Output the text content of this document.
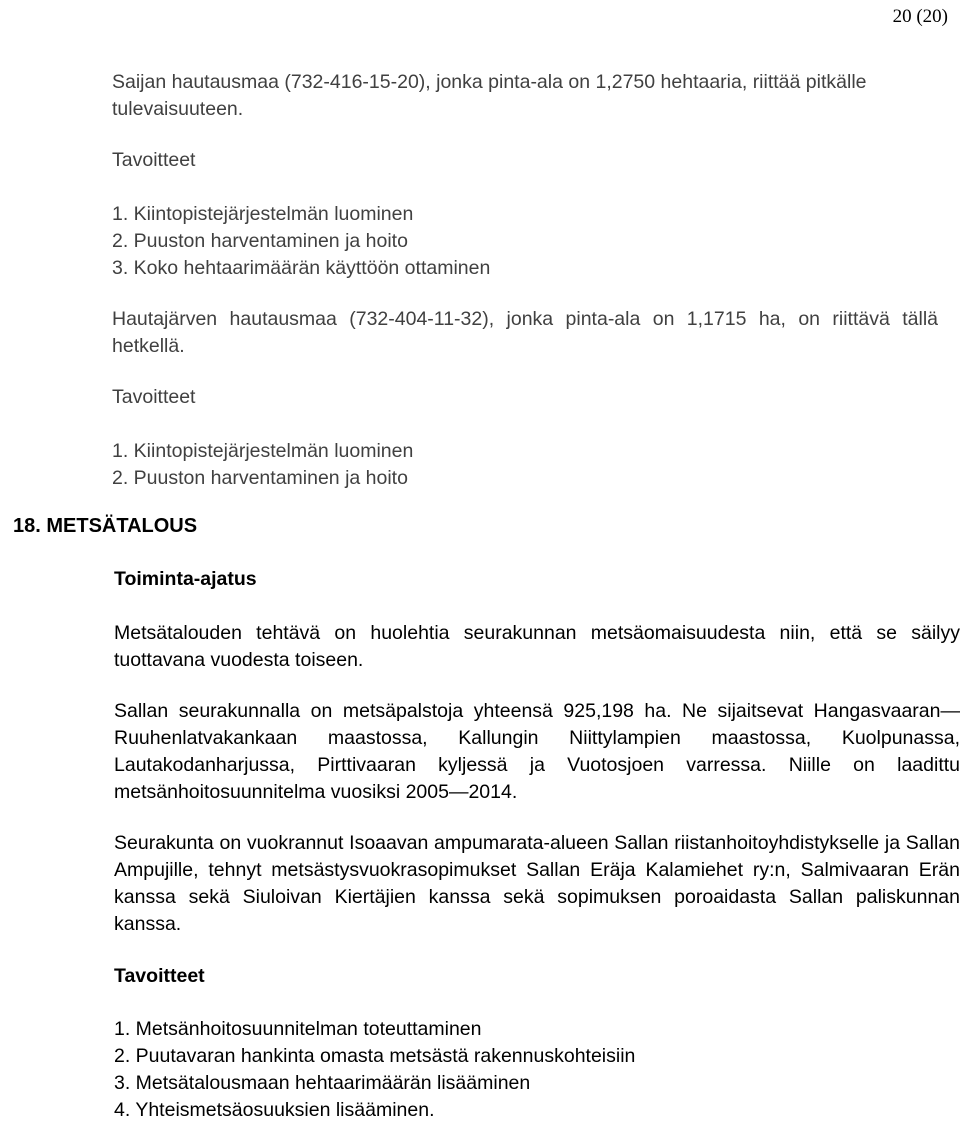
20 (20)

Saijan hautausmaa (732-416-15-20), jonka pinta-ala on 1,2750 hehtaaria, riittää pitkälle tulevaisuuteen.

Tavoitteet
1. Kiintopistejärjestelmän luominen
2. Puuston harventaminen ja hoito
3. Koko hehtaarimäärän käyttöön ottaminen

Hautajärven hautausmaa (732-404-11-32), jonka pinta-ala on 1,1715 ha, on riittävä tällä hetkellä.

Tavoitteet
1. Kiintopistejärjestelmän luominen
2. Puuston harventaminen ja hoito
18. METSÄTALOUS
Toiminta-ajatus

Metsätalouden tehtävä on huolehtia seurakunnan metsäomaisuudesta niin, että se säilyy tuottavana vuodesta toiseen.

Sallan seurakunnalla on metsäpalstoja yhteensä 925,198 ha. Ne sijaitsevat Hangasvaaran—Ruuhenlatvakankaan maastossa, Kallungin Niittylampien maastossa, Kuolpunassa, Lautakodanharjussa, Pirttivaaran kyljessä ja Vuotosjoen varressa. Niille on laadittu metsänhoitosuunnitelma vuosiksi 2005—2014.

Seurakunta on vuokrannut Isoaavan ampumarata-alueen Sallan riistanhoitoyhdistykselle ja Sallan Ampujille, tehnyt metsästysvuokrasopimukset Sallan Eräja Kalamiehet ry:n, Salmivaaran Erän kanssa sekä Siuloivan Kiertäjien kanssa sekä sopimuksen poroaidasta Sallan paliskunnan kanssa.

Tavoitteet
1. Metsänhoitosuunnitelman toteuttaminen
2. Puutavaran hankinta omasta metsästä rakennuskohteisiin
3. Metsätalousmaan hehtaarimäärän lisääminen
4. Yhteismetsäosuuksien lisääminen.
